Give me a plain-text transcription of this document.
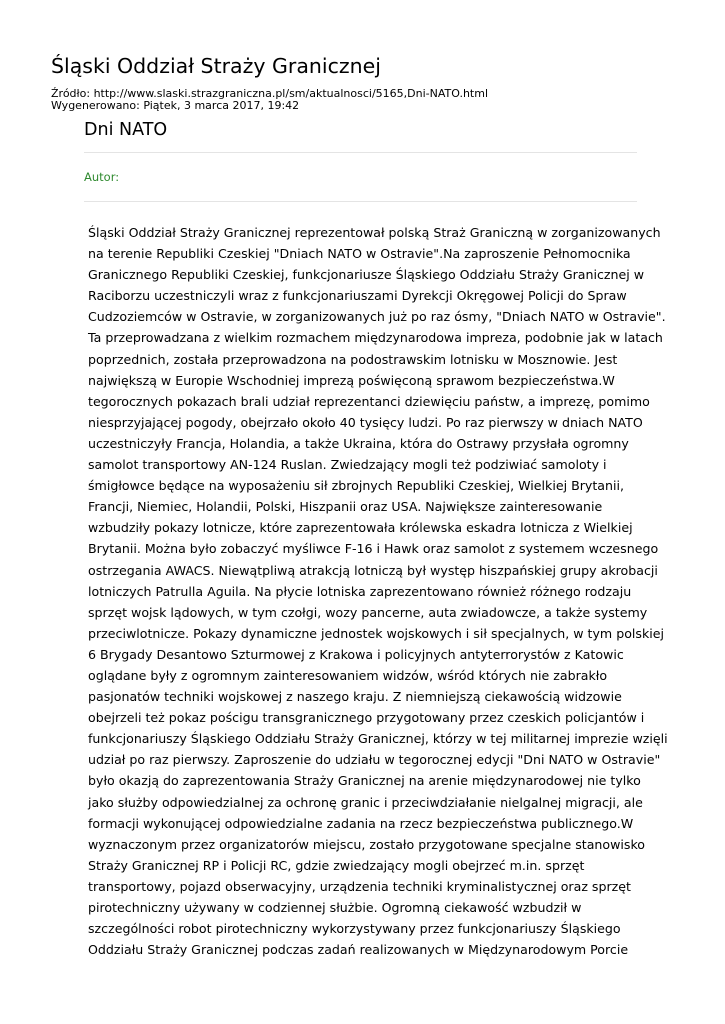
Śląski Oddział Straży Granicznej

Źródło: http://www.slaski.strazgraniczna.pl/sm/aktualnosci/5165,Dni-NATO.html

Wygenerowano: Piątek, 3 marca 2017, 19:42

Dni NATO

Autor:

Śląski Oddział Straży Granicznej reprezentował polską Straż Graniczną w zorganizowanych
na terenie Republiki Czeskiej "Dniach NATO w Ostravie".Na zaproszenie Pełnomocnika
Granicznego Republiki Czeskiej, funkcjonariusze Śląskiego Oddziału Straży Granicznej w
Raciborzu uczestniczyli wraz z funkcjonariuszami Dyrekcji Okręgowej Policji do Spraw
Cudzoziemców w Ostravie, w zorganizowanych już po raz ósmy, "Dniach NATO w Ostravie".
Ta przeprowadzana z wielkim rozmachem międzynarodowa impreza, podobnie jak w latach
poprzednich, została przeprowadzona na podostrawskim lotnisku w Mosznowie. Jest
największą w Europie Wschodniej imprezą poświęconą sprawom bezpieczeństwa.W
tegorocznych pokazach brali udział reprezentanci dziewięciu państw, a imprezę, pomimo
niesprzyjającej pogody, obejrzało około 40 tysięcy ludzi. Po raz pierwszy w dniach NATO
uczestniczyły Francja, Holandia, a także Ukraina, która do Ostrawy przysłała ogromny
samolot transportowy AN-124 Ruslan. Zwiedzający mogli też podziwiać samoloty i
śmigłowce będące na wyposażeniu sił zbrojnych Republiki Czeskiej, Wielkiej Brytanii,
Francji, Niemiec, Holandii, Polski, Hiszpanii oraz USA. Największe zainteresowanie
wzbudziły pokazy lotnicze, które zaprezentowała królewska eskadra lotnicza z Wielkiej
Brytanii. Można było zobaczyć myśliwce F-16 i Hawk oraz samolot z systemem wczesnego
ostrzegania AWACS. Niewątpliwą atrakcją lotniczą był występ hiszpańskiej grupy akrobacji
lotniczych Patrulla Aguila. Na płycie lotniska zaprezentowano również różnego rodzaju
sprzęt wojsk lądowych, w tym czołgi, wozy pancerne, auta zwiadowcze, a także systemy
przeciwlotnicze. Pokazy dynamiczne jednostek wojskowych i sił specjalnych, w tym polskiej
6 Brygady Desantowo Szturmowej z Krakowa i policyjnych antyterrorystów z Katowic
oglądane były z ogromnym zainteresowaniem widzów, wśród których nie zabrakło
pasjonatów techniki wojskowej z naszego kraju. Z niemniejszą ciekawością widzowie
obejrzeli też pokaz pościgu transgranicznego przygotowany przez czeskich policjantów i
funkcjonariuszy Śląskiego Oddziału Straży Granicznej, którzy w tej militarnej imprezie wzięli
udział po raz pierwszy. Zaproszenie do udziału w tegorocznej edycji "Dni NATO w Ostravie"
było okazją do zaprezentowania Straży Granicznej na arenie międzynarodowej nie tylko
jako służby odpowiedzialnej za ochronę granic i przeciwdziałanie nielgalnej migracji, ale
formacji wykonującej odpowiedzialne zadania na rzecz bezpieczeństwa publicznego.W
wyznaczonym przez organizatorów miejscu, zostało przygotowane specjalne stanowisko
Straży Granicznej RP i Policji RC, gdzie zwiedzający mogli obejrzeć m.in. sprzęt
transportowy, pojazd obserwacyjny, urządzenia techniki kryminalistycznej oraz sprzęt
pirotechniczny używany w codziennej służbie. Ogromną ciekawość wzbudził w
szczególności robot pirotechniczny wykorzystywany przez funkcjonariuszy Śląskiego
Oddziału Straży Granicznej podczas zadań realizowanych w Międzynarodowym Porcie
